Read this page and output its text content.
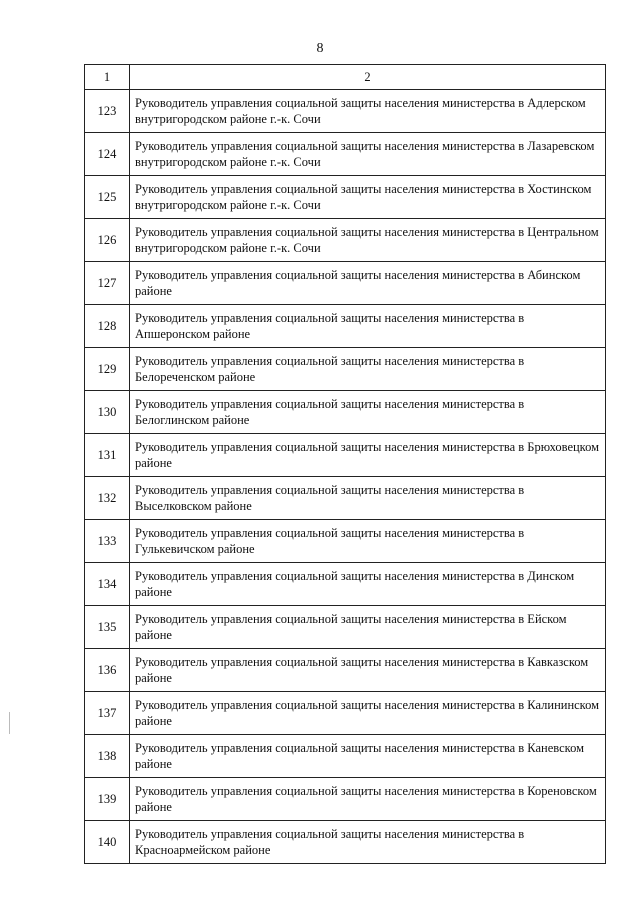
8
1	2
123	Руководитель управления социальной защиты населения министерства в Адлерском внутригородском районе г.-к. Сочи
124	Руководитель управления социальной защиты населения министерства в Лазаревском внутригородском районе г.-к. Сочи
125	Руководитель управления социальной защиты населения министерства в Хостинском внутригородском районе г.-к. Сочи
126	Руководитель управления социальной защиты населения министерства в Центральном внутригородском районе г.-к. Сочи
127	Руководитель управления социальной защиты населения министерства в Абинском районе
128	Руководитель управления социальной защиты населения министерства в Апшеронском районе
129	Руководитель управления социальной защиты населения министерства в Белореченском районе
130	Руководитель управления социальной защиты населения министерства в Белоглинском районе
131	Руководитель управления социальной защиты населения министерства в Брюховецком районе
132	Руководитель управления социальной защиты населения министерства в Выселковском районе
133	Руководитель управления социальной защиты населения министерства в Гулькевичском районе
134	Руководитель управления социальной защиты населения министерства в Динском районе
135	Руководитель управления социальной защиты населения министерства в Ейском районе
136	Руководитель управления социальной защиты населения министерства в Кавказском районе
137	Руководитель управления социальной защиты населения министерства в Калининском районе
138	Руководитель управления социальной защиты населения министерства в Каневском районе
139	Руководитель управления социальной защиты населения министерства в Кореновском районе
140	Руководитель управления социальной защиты населения министерства в Красноармейском районе
